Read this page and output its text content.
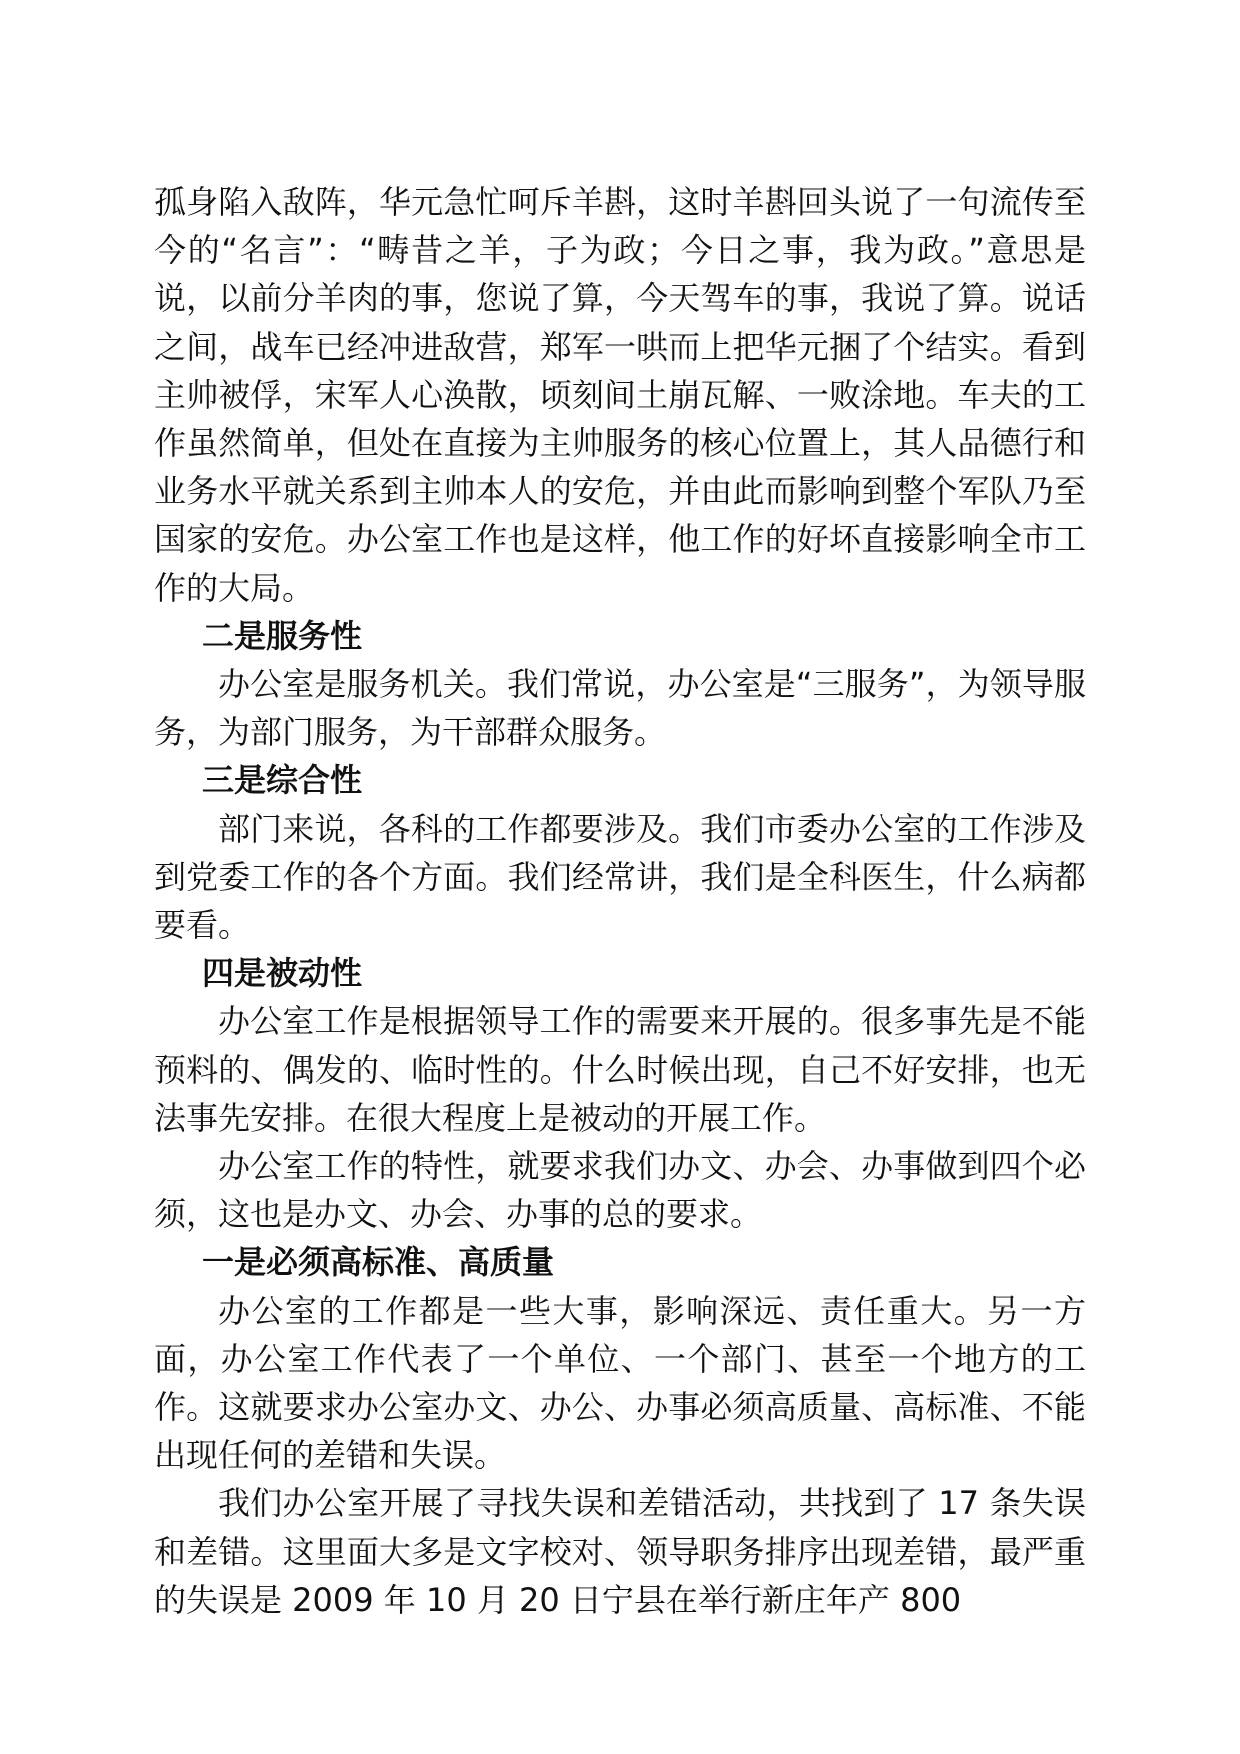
孤身陷入敌阵，华元急忙呵斥羊斟，这时羊斟回头说了一句流传至今的“名言”：“畴昔之羊，子为政；今日之事，我为政。”意思是说，以前分羊肉的事，您说了算，今天驾车的事，我说了算。说话之间，战车已经冲进敌营，郑军一哄而上把华元捆了个结实。看到主帅被俘，宋军人心涣散，顷刻间土崩瓦解、一败涂地。车夫的工作虽然简单，但处在直接为主帅服务的核心位置上，其人品德行和业务水平就关系到主帅本人的安危，并由此而影响到整个军队乃至国家的安危。办公室工作也是这样，他工作的好坏直接影响全市工作的大局。

二是服务性

办公室是服务机关。我们常说，办公室是“三服务”，为领导服务，为部门服务，为干部群众服务。

三是综合性

部门来说，各科的工作都要涉及。我们市委办公室的工作涉及到党委工作的各个方面。我们经常讲，我们是全科医生，什么病都要看。

四是被动性

办公室工作是根据领导工作的需要来开展的。很多事先是不能预料的、偶发的、临时性的。什么时候出现，自己不好安排，也无法事先安排。在很大程度上是被动的开展工作。

办公室工作的特性，就要求我们办文、办会、办事做到四个必须，这也是办文、办会、办事的总的要求。

一是必须高标准、高质量

办公室的工作都是一些大事，影响深远、责任重大。另一方面，办公室工作代表了一个单位、一个部门、甚至一个地方的工作。这就要求办公室办文、办公、办事必须高质量、高标准、不能出现任何的差错和失误。

我们办公室开展了寻找失误和差错活动，共找到了 17 条失误和差错。这里面大多是文字校对、领导职务排序出现差错，最严重的失误是 2009 年 10 月 20 日宁县在举行新庄年产 800
